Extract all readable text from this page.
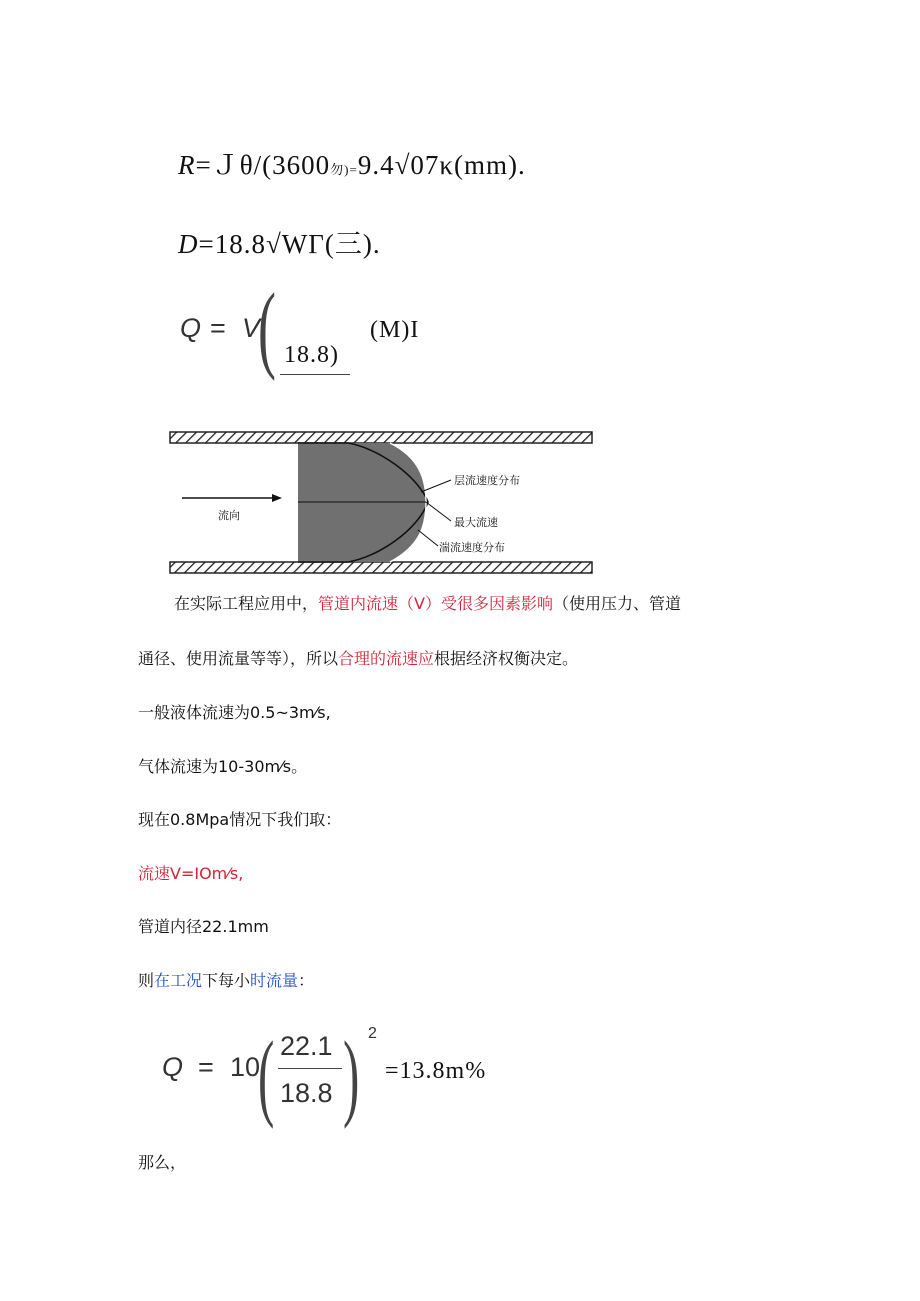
R=Ｊθ/(3600勿)=9.4√07κ(mm).
D=18.8√WΓ(三).
Q = V
( 18.8)
(M)I
流向
层流速度分布
最大流速
湍流速度分布
在实际工程应用中，管道内流速（V）受很多因素影响（使用压力、管道
通径、使用流量等等），所以合理的流速应根据经济权衡决定。
一般液体流速为0.5~3m⁄s,
气体流速为10-30m⁄s。
现在0.8Mpa情况下我们取：
流速V=IOm⁄s,
管道内径22.1mm
则在工况下每小时流量：
Q = 10
( 22.1
18.8 ) 2
=13.8m%
那么，
